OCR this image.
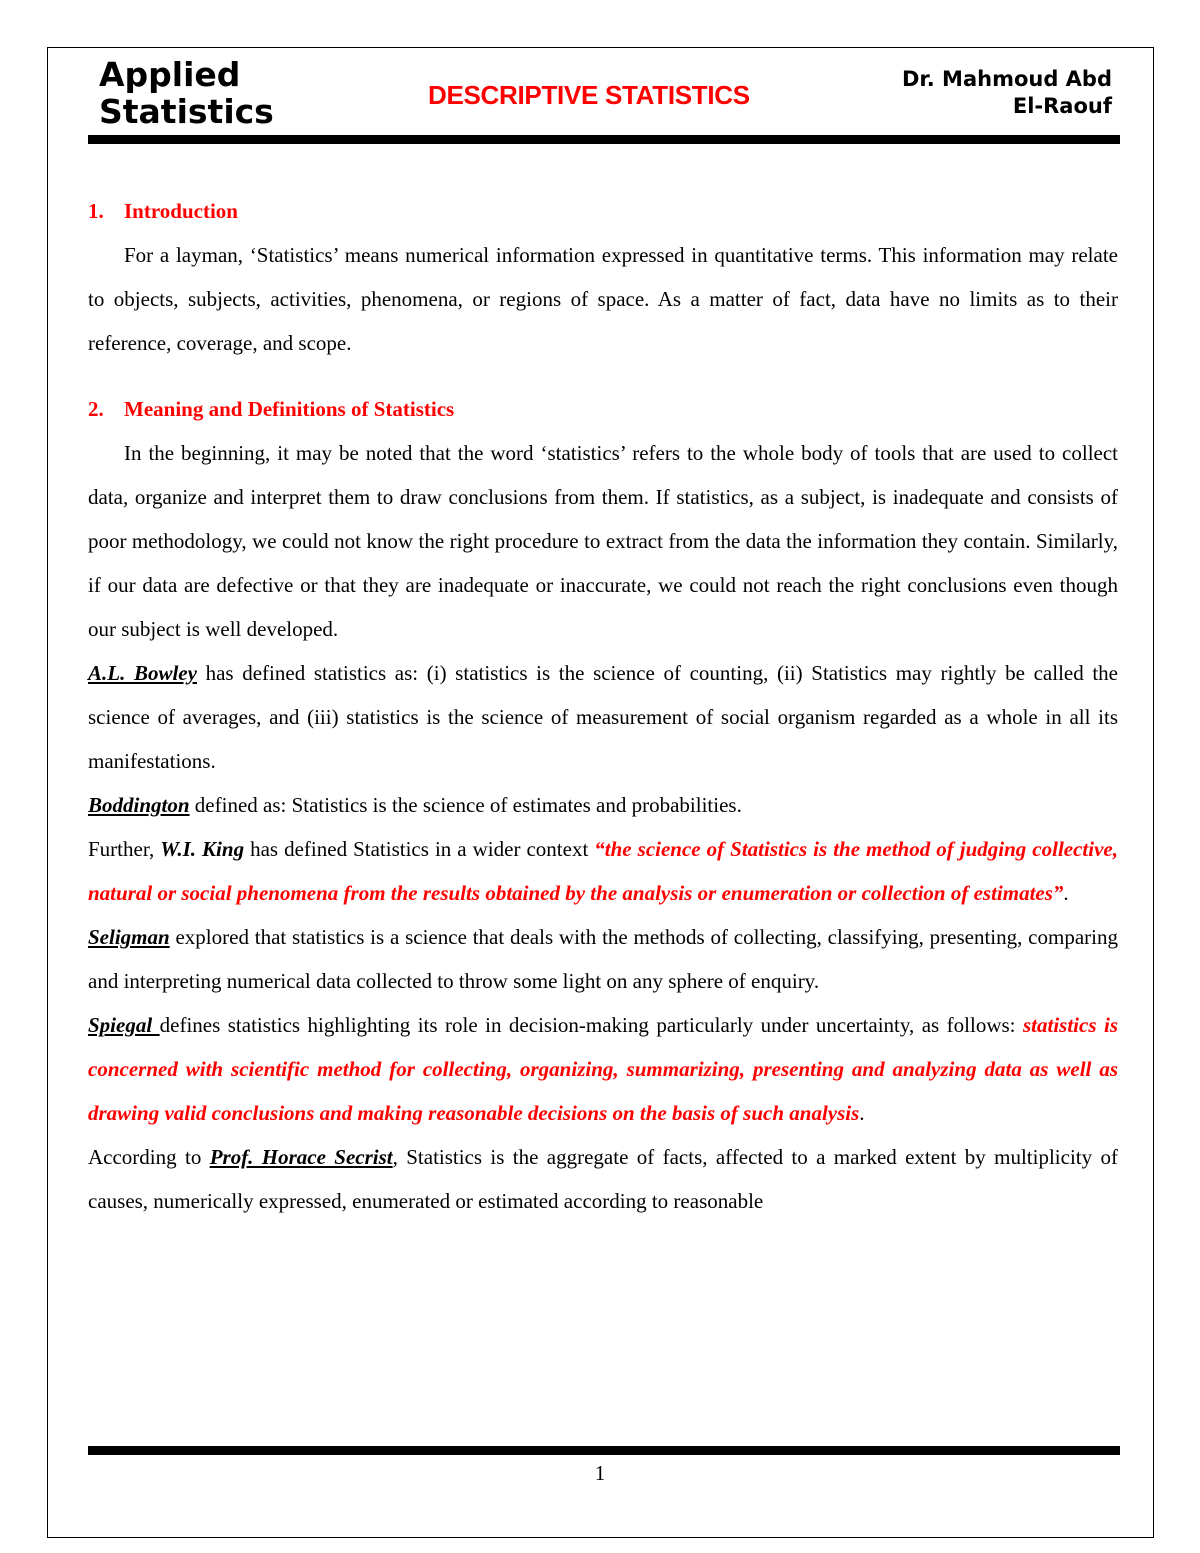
Applied
Statistics	DESCRIPTIVE STATISTICS
Dr. Mahmoud Abd
El-Raouf
1. Introduction

For a layman, ‘Statistics’ means numerical information expressed in quantitative terms. This information may relate to objects, subjects, activities, phenomena, or regions of space. As a matter of fact, data have no limits as to their reference, coverage, and scope.

2. Meaning and Definitions of Statistics

In the beginning, it may be noted that the word ‘statistics’ refers to the whole body of tools that are used to collect data, organize and interpret them to draw conclusions from them. If statistics, as a subject, is inadequate and consists of poor methodology, we could not know the right procedure to extract from the data the information they contain. Similarly, if our data are defective or that they are inadequate or inaccurate, we could not reach the right conclusions even though our subject is well developed.

A.L. Bowley has defined statistics as: (i) statistics is the science of counting, (ii) Statistics may rightly be called the science of averages, and (iii) statistics is the science of measurement of social organism regarded as a whole in all its manifestations.

Boddington defined as: Statistics is the science of estimates and probabilities.

Further, W.I. King has defined Statistics in a wider context “the science of Statistics is the method of judging collective, natural or social phenomena from the results obtained by the analysis or enumeration or collection of estimates”.

Seligman explored that statistics is a science that deals with the methods of collecting, classifying, presenting, comparing and interpreting numerical data collected to throw some light on any sphere of enquiry.

Spiegal defines statistics highlighting its role in decision-making particularly under uncertainty, as follows: statistics is concerned with scientific method for collecting, organizing, summarizing, presenting and analyzing data as well as drawing valid conclusions and making reasonable decisions on the basis of such analysis.

According to Prof. Horace Secrist, Statistics is the aggregate of facts, affected to a marked extent by multiplicity of causes, numerically expressed, enumerated or estimated according to reasonable

1
